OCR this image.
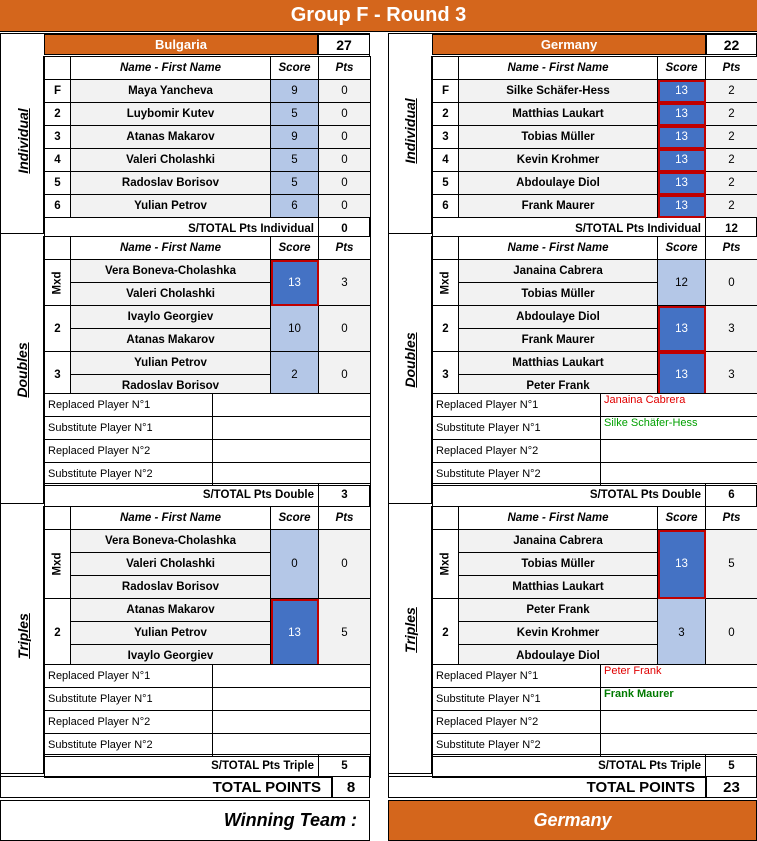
Group F - Round 3
Bulgaria	27
Individual
	Name - First Name	Score	Pts
F	Maya Yancheva	9	0
2	Luybomir Kutev	5	0
3	Atanas Makarov	9	0
4	Valeri Cholashki	5	0
5	Radoslav Borisov	5	0
6	Yulian Petrov	6	0
S/TOTAL Pts Individual			0
Doubles
	Name - First Name	Score	Pts
Mxd	Vera Boneva-Cholashka	13	3
	Valeri Cholashki		
2	Ivaylo Georgiev	10	0
	Atanas Makarov		
3	Yulian Petrov	2	0
	Radoslav Borisov		
Replaced Player N°1	
Substitute Player N°1	
Replaced Player N°2	
Substitute Player N°2	
S/TOTAL Pts Double	3
Triples
	Name - First Name	Score	Pts
Mxd	Vera Boneva-Cholashka	0	0
	Valeri Cholashki		
	Radoslav Borisov		
2	Atanas Makarov	13	5
	Yulian Petrov		
	Ivaylo Georgiev		
Replaced Player N°1	
Substitute Player N°1	
Replaced Player N°2	
Substitute Player N°2	
S/TOTAL Pts Triple	5
TOTAL POINTS	8
Germany	22
Individual
	Name - First Name	Score	Pts
F	Silke Schäfer-Hess	13	2
2	Matthias Laukart	13	2
3	Tobias Müller	13	2
4	Kevin Krohmer	13	2
5	Abdoulaye Diol	13	2
6	Frank Maurer	13	2
S/TOTAL Pts Individual			12
Doubles
	Name - First Name	Score	Pts
Mxd	Janaina Cabrera	12	0
	Tobias Müller		
2	Abdoulaye Diol	13	3
	Frank Maurer		
3	Matthias Laukart	13	3
	Peter Frank		
Replaced Player N°1	Janaina Cabrera
Substitute Player N°1	Silke Schäfer-Hess
Replaced Player N°2	
Substitute Player N°2	
S/TOTAL Pts Double	6
Triples
	Name - First Name	Score	Pts
Mxd	Janaina Cabrera	13	5
	Tobias Müller		
	Matthias Laukart		
2	Peter Frank	3	0
	Kevin Krohmer		
	Abdoulaye Diol		
Replaced Player N°1	Peter Frank
Substitute Player N°1	Frank Maurer
Replaced Player N°2	
Substitute Player N°2	
S/TOTAL Pts Triple	5
TOTAL POINTS	23
Winning Team :	Germany
